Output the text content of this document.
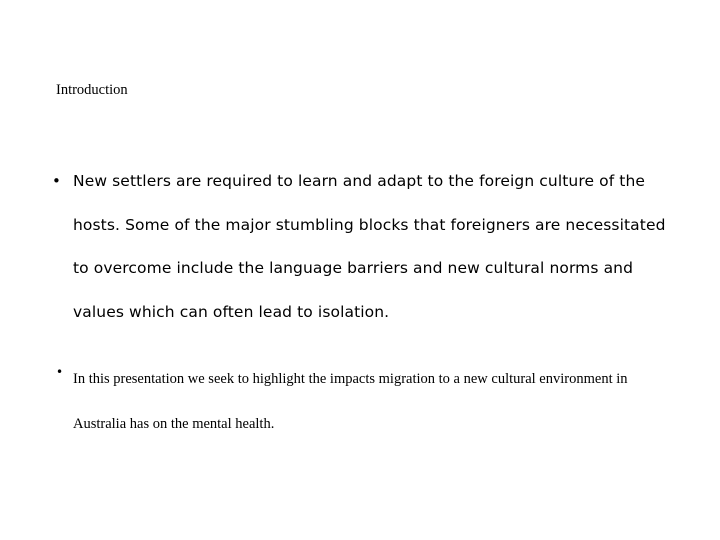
Introduction
• New settlers are required to learn and adapt to the foreign culture of the hosts. Some of the major stumbling blocks that foreigners are necessitated to overcome include the language barriers and new cultural norms and values which can often lead to isolation.
• In this presentation we seek to highlight the impacts migration to a new cultural environment in Australia has on the mental health.
